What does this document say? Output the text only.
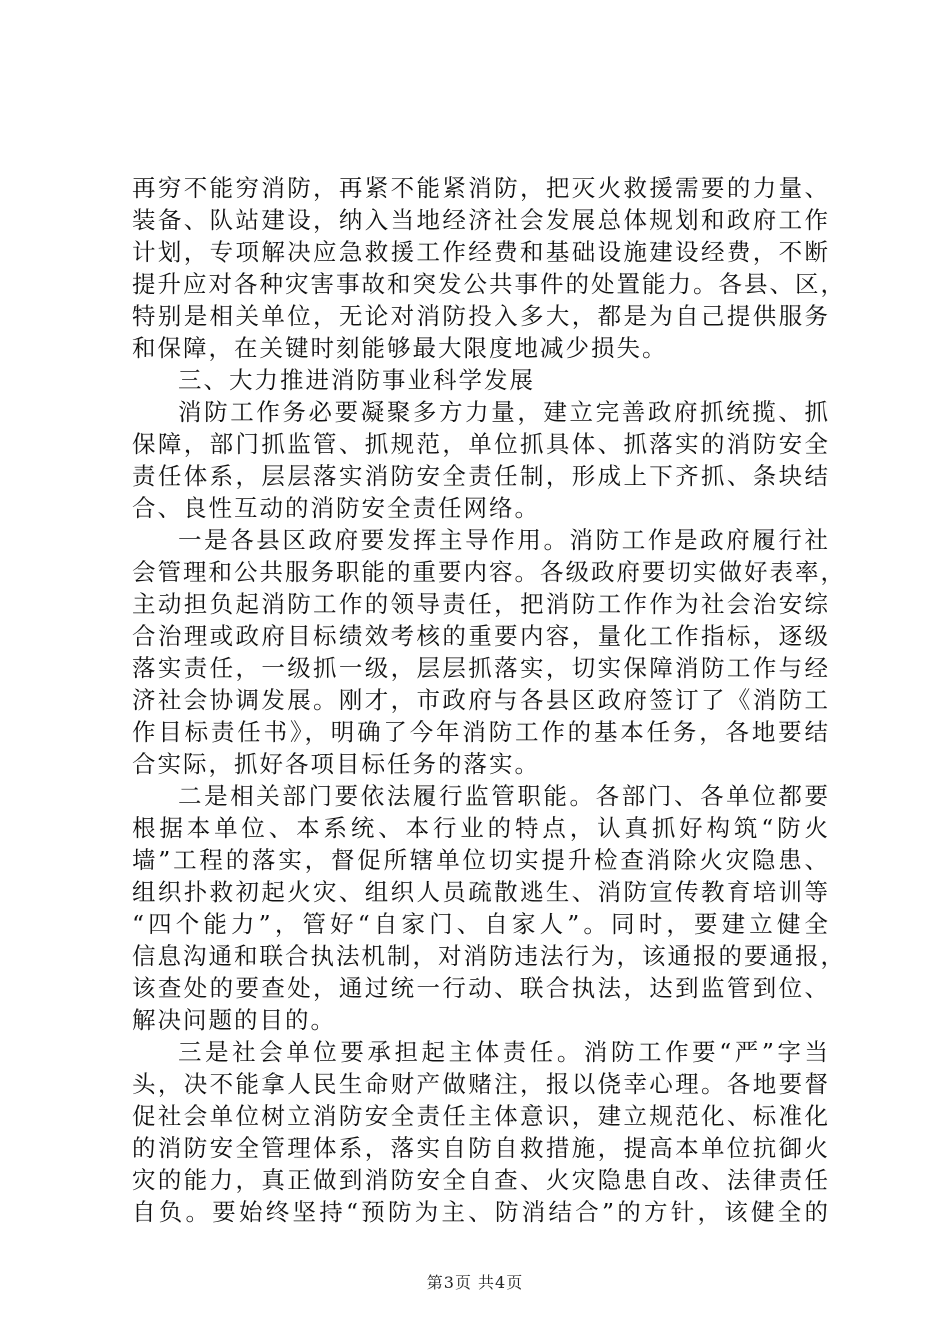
再穷不能穷消防，再紧不能紧消防，把灭火救援需要的力量、
装备、队站建设，纳入当地经济社会发展总体规划和政府工作
计划，专项解决应急救援工作经费和基础设施建设经费，不断
提升应对各种灾害事故和突发公共事件的处置能力。各县、区，
特别是相关单位，无论对消防投入多大，都是为自己提供服务
和保障，在关键时刻能够最大限度地减少损失。
三、大力推进消防事业科学发展
消防工作务必要凝聚多方力量，建立完善政府抓统揽、抓
保障，部门抓监管、抓规范，单位抓具体、抓落实的消防安全
责任体系，层层落实消防安全责任制，形成上下齐抓、条块结
合、良性互动的消防安全责任网络。
一是各县区政府要发挥主导作用。消防工作是政府履行社
会管理和公共服务职能的重要内容。各级政府要切实做好表率，
主动担负起消防工作的领导责任，把消防工作作为社会治安综
合治理或政府目标绩效考核的重要内容，量化工作指标，逐级
落实责任，一级抓一级，层层抓落实，切实保障消防工作与经
济社会协调发展。刚才，市政府与各县区政府签订了《消防工
作目标责任书》，明确了今年消防工作的基本任务，各地要结
合实际，抓好各项目标任务的落实。
二是相关部门要依法履行监管职能。各部门、各单位都要
根据本单位、本系统、本行业的特点，认真抓好构筑“防火
墙”工程的落实，督促所辖单位切实提升检查消除火灾隐患、
组织扑救初起火灾、组织人员疏散逃生、消防宣传教育培训等
“四个能力”，管好“自家门、自家人”。同时，要建立健全
信息沟通和联合执法机制，对消防违法行为，该通报的要通报，
该查处的要查处，通过统一行动、联合执法，达到监管到位、
解决问题的目的。
三是社会单位要承担起主体责任。消防工作要“严”字当
头，决不能拿人民生命财产做赌注，报以侥幸心理。各地要督
促社会单位树立消防安全责任主体意识，建立规范化、标准化
的消防安全管理体系，落实自防自救措施，提高本单位抗御火
灾的能力，真正做到消防安全自查、火灾隐患自改、法律责任
自负。要始终坚持“预防为主、防消结合”的方针，该健全的
第3页 共4页
